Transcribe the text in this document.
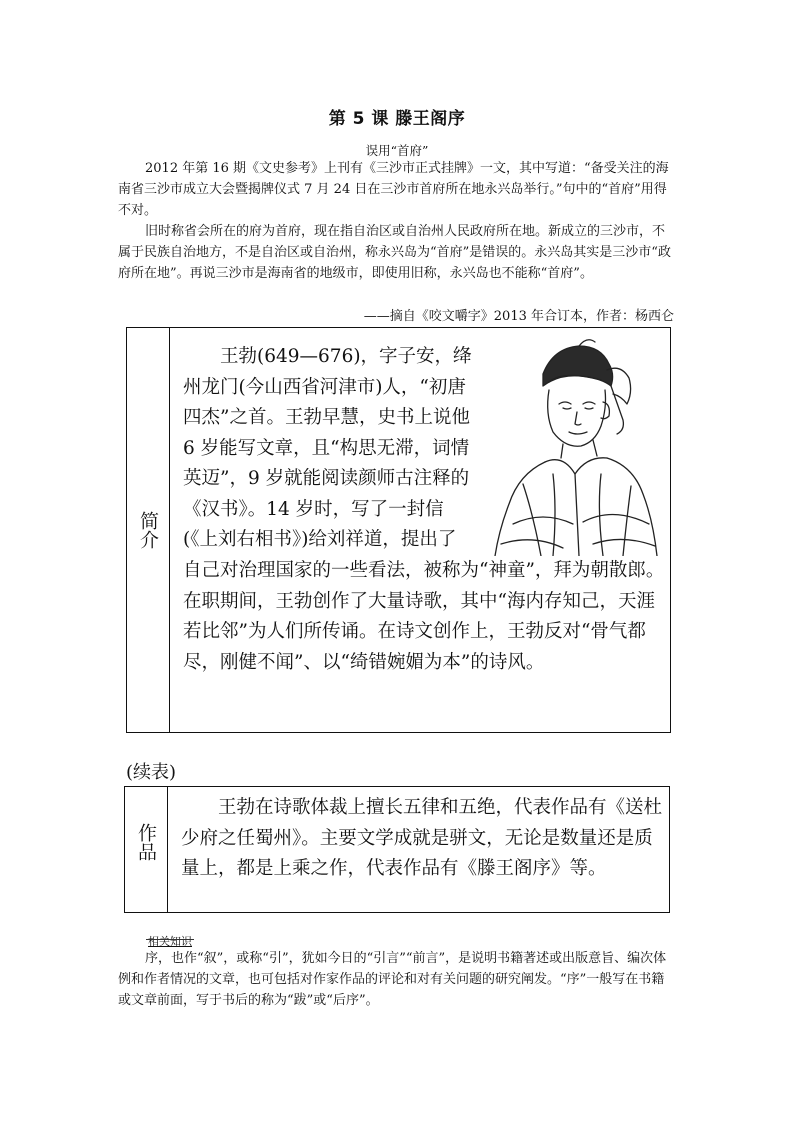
第 5 课 滕王阁序
误用“首府”

2012 年第 16 期《文史参考》上刊有《三沙市正式挂牌》一文，其中写道：“备受关注的海南省三沙市成立大会暨揭牌仪式 7 月 24 日在三沙市首府所在地永兴岛举行。”句中的“首府”用得不对。

旧时称省会所在的府为首府，现在指自治区或自治州人民政府所在地。新成立的三沙市，不属于民族自治地方，不是自治区或自治州，称永兴岛为“首府”是错误的。永兴岛其实是三沙市“政府所在地”。再说三沙市是海南省的地级市，即使用旧称，永兴岛也不能称“首府”。

——摘自《咬文嚼字》2013 年合订本，作者：杨西仑
简介

王勃(649—676)，字子安，绛州龙门(今山西省河津市)人，“初唐四杰”之首。王勃早慧，史书上说他 6 岁能写文章，且“构思无滞，词情英迈”，9 岁就能阅读颜师古注释的《汉书》。14 岁时，写了一封信(《上刘右相书》)给刘祥道，提出了

自己对治理国家的一些看法，被称为“神童”，拜为朝散郎。在职期间，王勃创作了大量诗歌，其中“海内存知己，天涯若比邻”为人们所传诵。在诗文创作上，王勃反对“骨气都尽，刚健不闻”、以“绮错婉媚为本”的诗风。

(续表)
作品

王勃在诗歌体裁上擅长五律和五绝，代表作品有《送杜少府之任蜀州》。主要文学成就是骈文，无论是数量还是质量上，都是上乘之作，代表作品有《滕王阁序》等。

相关知识

序，也作“叙”，或称“引”，犹如今日的“引言”“前言”，是说明书籍著述或出版意旨、编次体例和作者情况的文章，也可包括对作家作品的评论和对有关问题的研究阐发。“序”一般写在书籍或文章前面，写于书后的称为“跋”或“后序”。
